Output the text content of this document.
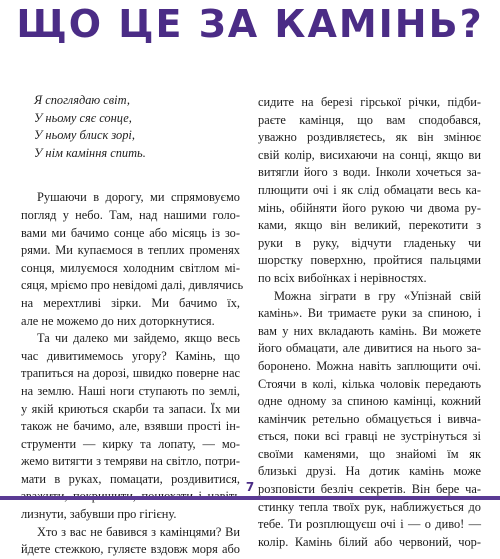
ЩО ЦЕ ЗА КАМІНЬ?
Я споглядаю світ,
У ньому сяє сонце,
У ньому блиск зорі,
У нім каміння спить.
Рушаючи в дорогу, ми спрямовуємо
погляд у небо. Там, над нашими голо-
вами ми бачимо сонце або місяць із зо-
рями. Ми купаємося в теплих променях
сонця, милуємося холодним світлом мі-
сяця, мріємо про невідомі далі, дивлячись
на мерехтливі зірки. Ми бачимо їх,
але не можемо до них доторкнутися.
Та чи далеко ми зайдемо, якщо весь
час дивитимемось угору? Камінь, що
трапиться на дорозі, швидко поверне нас
на землю. Наші ноги ступають по землі,
у якій криються скарби та запаси. Їх ми
також не бачимо, але, взявши прості ін-
струменти — кирку та лопату, — мо-
жемо витягти з темряви на світло, потри-
мати в руках, помацати, роздивитися,
лизнути, забувши про гігієну.
Хто з вас не бавився з камінцями? Ви
йдете стежкою, гуляєте вздовж моря або
сидите на березі гірської річки, підби-
раєте камінця, що вам сподобався,
уважно роздивляєтесь, як він змінює
свій колір, висихаючи на сонці, якщо ви
витягли його з води. Інколи хочеться за-
плющити очі і як слід обмацати весь ка-
мінь, обійняти його рукою чи двома ру-
ками, якщо він великий, перекотити з
руки в руку, відчути гладеньку чи
шорстку поверхню, пройтися пальцями
по всіх вибоїнках і нерівностях.
Можна зіграти в гру «Упізнай свій
камінь». Ви тримаєте руки за спиною, і
вам у них вкладають камінь. Ви можете
його обмацати, але дивитися на нього за-
боронено. Можна навіть заплющити очі.
Стоячи в колі, кілька чоловік передають
одне одному за спиною камінці, кожний
камінчик ретельно обмацується і вивча-
ється, поки всі гравці не зустрінуться зі
своїми каменями, що знайомі їм як
близькі друзі. На дотик камінь може
розповісти безліч секретів. Він бере ча-
стинку тепла твоїх рук, наближується до
тебе. Ти розплющуєш очі і — о диво! —
колір. Камінь білий або червоний, чор-
7
